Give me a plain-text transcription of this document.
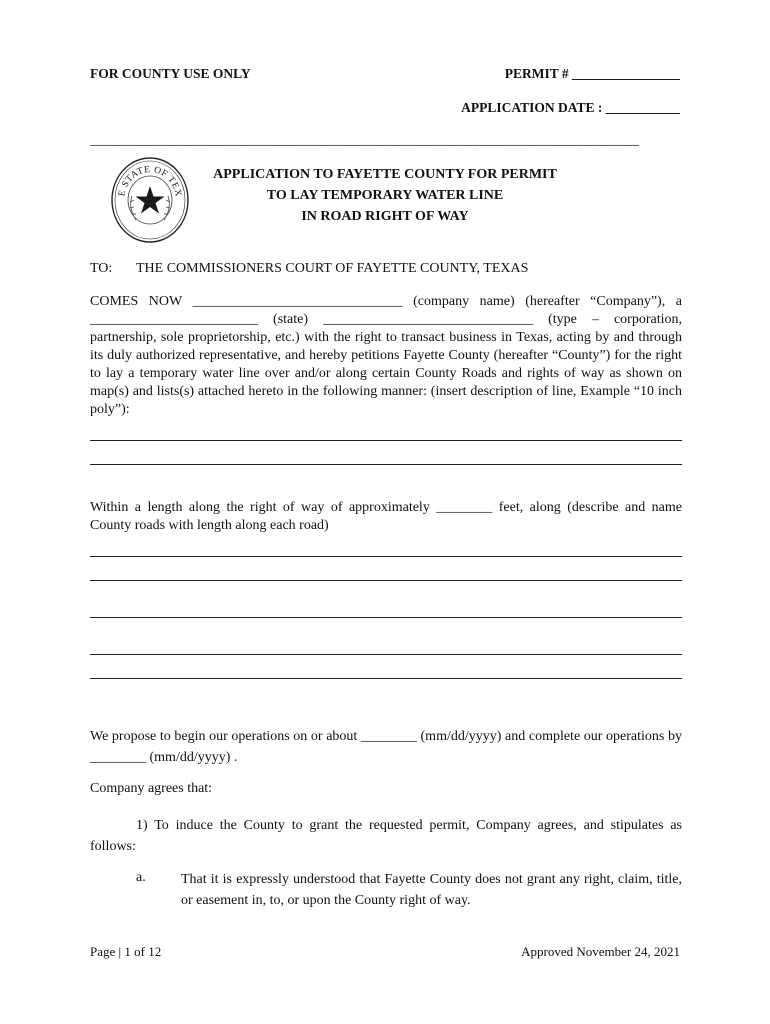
FOR COUNTY USE ONLY	PERMIT # ________________
APPLICATION DATE : ___________
_______________________________________________________________________________
E STATE OF TEX
APPLICATION TO FAYETTE COUNTY FOR PERMIT
TO LAY TEMPORARY WATER LINE
IN ROAD RIGHT OF WAY
TO: THE COMMISSIONERS COURT OF FAYETTE COUNTY, TEXAS
COMES NOW ______________________________ (company name) (hereafter “Company”), a ________________________ (state) ______________________________ (type – corporation, partnership, sole proprietorship, etc.) with the right to transact business in Texas, acting by and through its duly authorized representative, and hereby petitions Fayette County (hereafter “County”) for the right to lay a temporary water line over and/or along certain County Roads and rights of way as shown on map(s) and lists(s) attached hereto in the following manner: (insert description of line, Example “10 inch poly”):
Within a length along the right of way of approximately ________ feet, along (describe and name County roads with length along each road)
We propose to begin our operations on or about ________ (mm/dd/yyyy) and complete our operations by ________ (mm/dd/yyyy) .
Company agrees that:
1) To induce the County to grant the requested permit, Company agrees, and stipulates as follows:
a.	That it is expressly understood that Fayette County does not grant any right, claim, title, or easement in, to, or upon the County right of way.
Page | 1 of 12	Approved November 24, 2021
